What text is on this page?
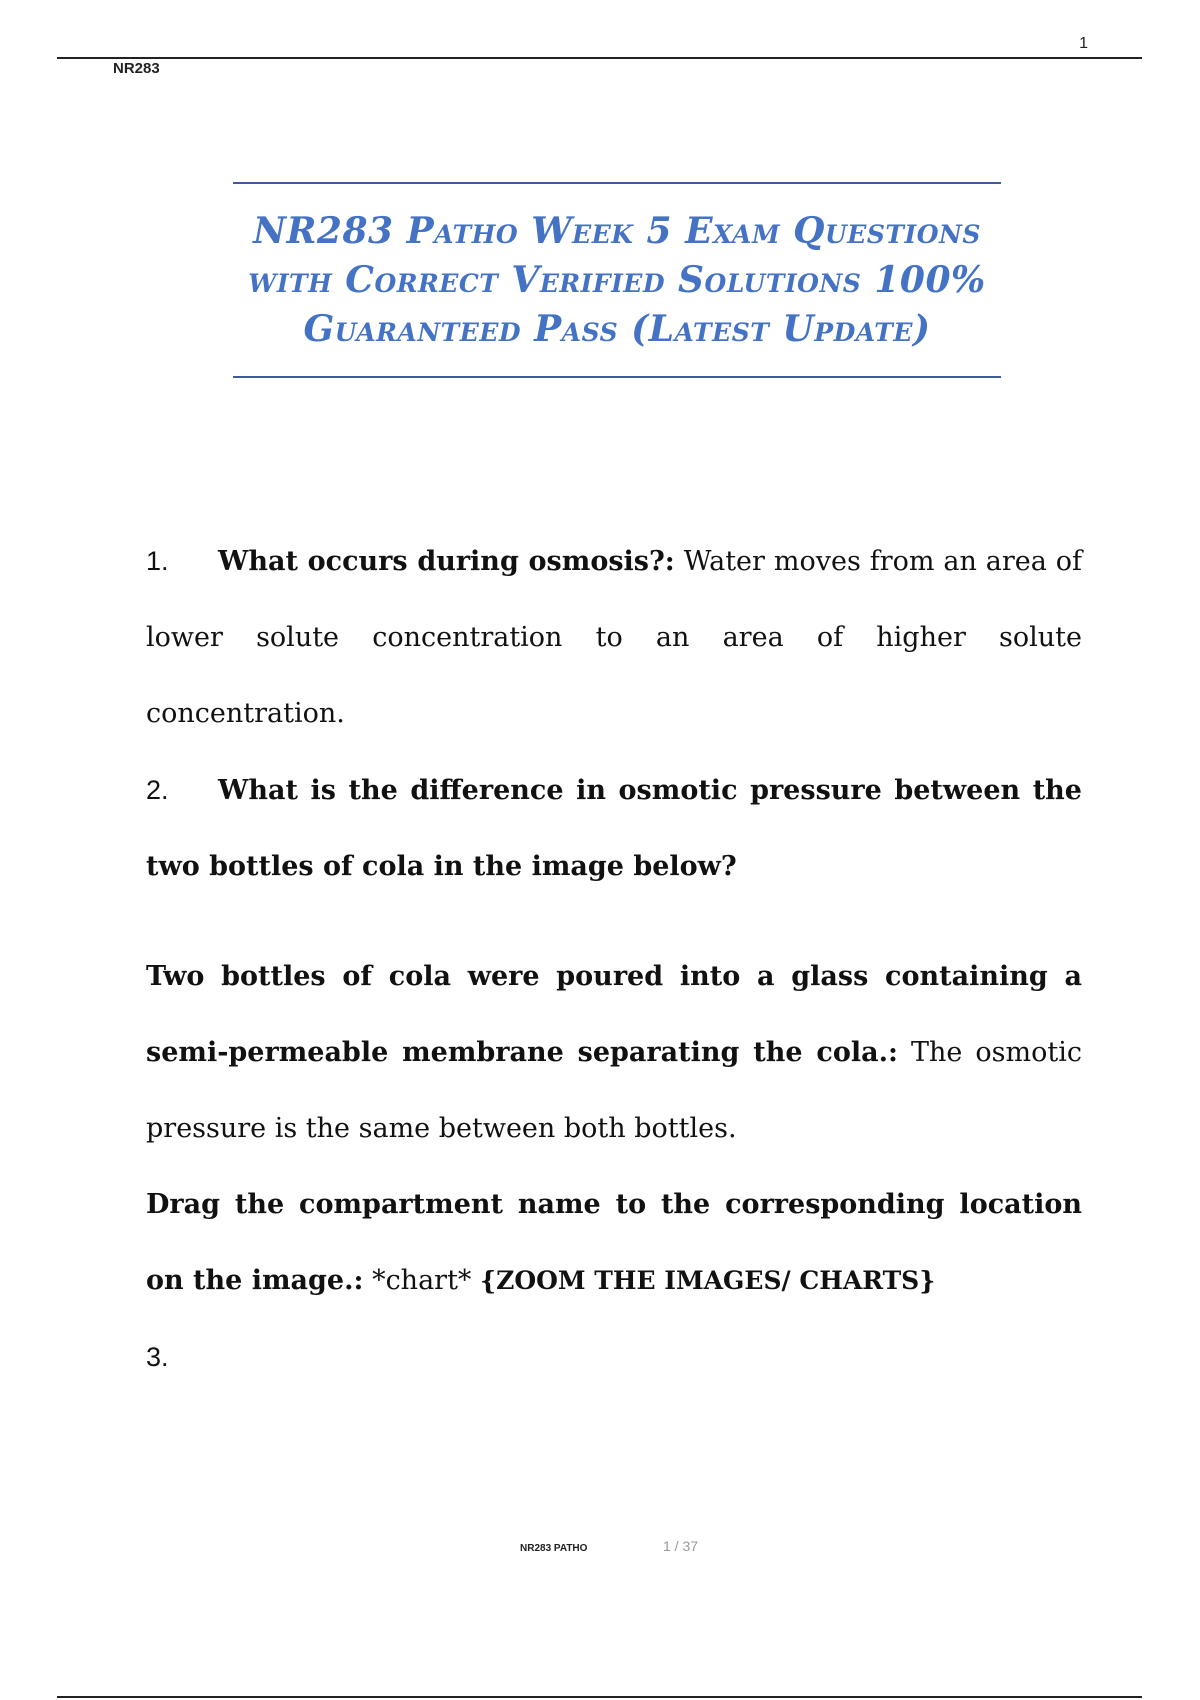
1
NR283
NR283 Patho Week 5 Exam Questions
with Correct Verified Solutions 100%
Guaranteed Pass (Latest Update)

1. What occurs during osmosis?: Water moves from an area of lower solute concentration to an area of higher solute concentration.

2. What is the difference in osmotic pressure between the two bottles of cola in the image below?

Two bottles of cola were poured into a glass containing a semi-permeable membrane separating the cola.: The osmotic pressure is the same between both bottles.

Drag the compartment name to the corresponding location on the image.: *chart* {ZOOM THE IMAGES/ CHARTS}

3.

NR283 PATHO	1 / 37
